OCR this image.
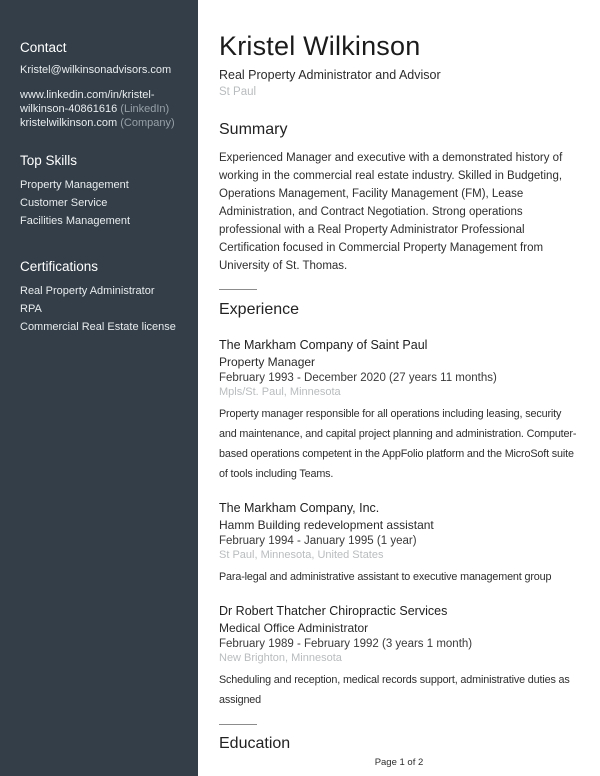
Contact
Kristel@wilkinsonadvisors.com
www.linkedin.com/in/kristel-wilkinson-40861616 (LinkedIn)
kristelwilkinson.com (Company)
Top Skills
Property Management
Customer Service
Facilities Management
Certifications
Real Property Administrator RPA
Commercial Real Estate license
Kristel Wilkinson
Real Property Administrator and Advisor
St Paul
Summary

Experienced Manager and executive with a demonstrated history of working in the commercial real estate industry. Skilled in Budgeting, Operations Management, Facility Management (FM), Lease Administration, and Contract Negotiation. Strong operations professional with a Real Property Administrator Professional Certification focused in Commercial Property Management from University of St. Thomas.

Experience
The Markham Company of Saint Paul
Property Manager
February 1993 - December 2020 (27 years 11 months)
Mpls/St. Paul, Minnesota

Property manager responsible for all operations including leasing, security and maintenance, and capital project planning and administration. Computer-based operations competent in the AppFolio platform and the MicroSoft suite of tools including Teams.

The Markham Company, Inc.
Hamm Building redevelopment assistant
February 1994 - January 1995 (1 year)
St Paul, Minnesota, United States

Para-legal and administrative assistant to executive management group

Dr Robert Thatcher Chiropractic Services
Medical Office Administrator
February 1989 - February 1992 (3 years 1 month)
New Brighton, Minnesota

Scheduling and reception, medical records support, administrative duties as assigned

Education
Page 1 of 2
